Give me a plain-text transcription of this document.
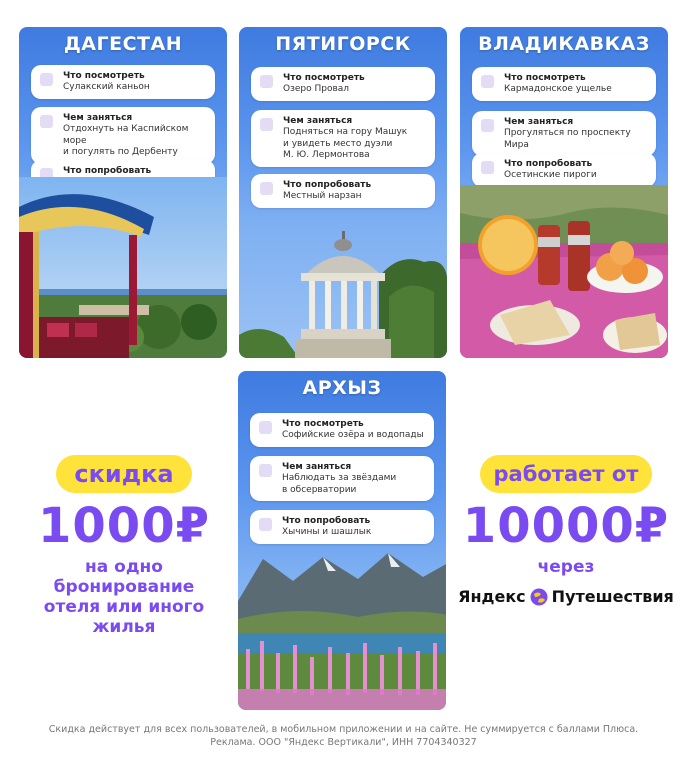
ДАГЕСТАН
Что посмотреть
Сулакский каньон
Чем заняться
Отдохнуть на Каспийском море
и погулять по Дербенту
Что попробовать
ПЯТИГОРСК
Что посмотреть
Озеро Провал
Чем заняться
Подняться на гору Машук
и увидеть место дуэли
М. Ю. Лермонтова
Что попробовать
Местный нарзан
ВЛАДИКАВКАЗ
Что посмотреть
Кармадонское ущелье
Чем заняться
Прогуляться по проспекту Мира
Что попробовать
Осетинские пироги
АРХЫЗ
Что посмотреть
Софийские озёра и водопады
Чем заняться
Наблюдать за звёздами
в обсерватории
Что попробовать
Хычины и шашлык
скидка
1000₽
на одно
бронирование
отеля или иного
жилья
работает от
10000₽
через
Яндекс Путешествия
Скидка действует для всех пользователей, в мобильном приложении и на сайте. Не суммируется с баллами Плюса.
Реклама. ООО "Яндекс Вертикали", ИНН 7704340327
